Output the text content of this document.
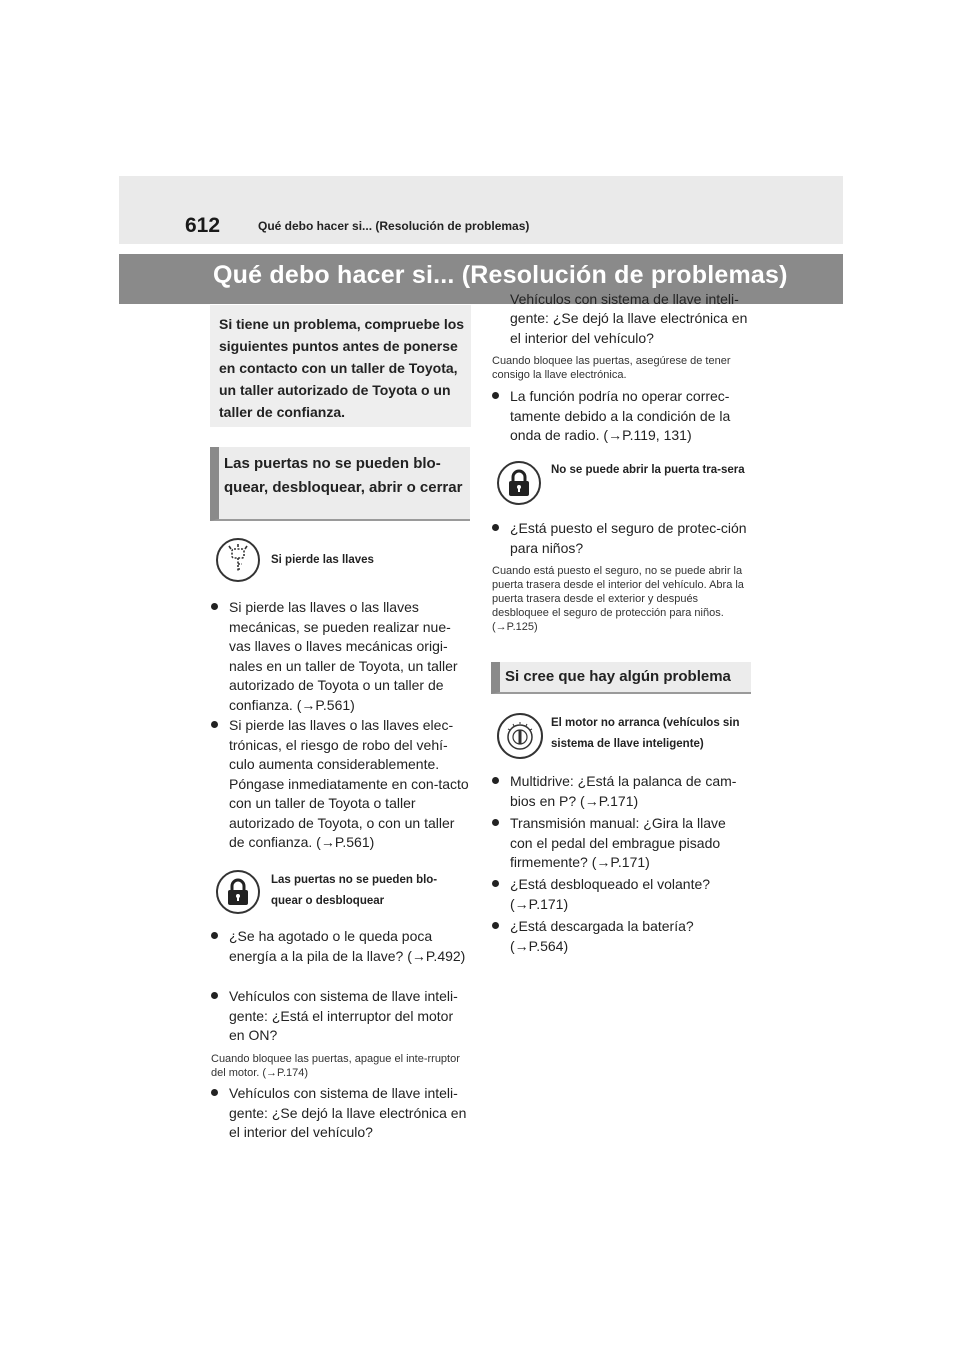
612	Qué debo hacer si... (Resolución de problemas)
Qué debo hacer si... (Resolución de problemas)
Si tiene un problema, compruebe los siguientes puntos antes de ponerse en contacto con un taller de Toyota, un taller autorizado de Toyota o un taller de confianza.
Las puertas no se pueden blo-quear, desbloquear, abrir o cerrar
Si pierde las llaves
Si pierde las llaves o las llaves mecánicas, se pueden realizar nue-vas llaves o llaves mecánicas origi-nales en un taller de Toyota, un taller autorizado de Toyota o un taller de confianza. (→P.561)
Si pierde las llaves o las llaves elec-trónicas, el riesgo de robo del vehí-culo aumenta considerablemente. Póngase inmediatamente en con-tacto con un taller de Toyota o taller autorizado de Toyota, o con un taller de confianza. (→P.561)
Las puertas no se pueden blo-quear o desbloquear
¿Se ha agotado o le queda poca energía a la pila de la llave? (→P.492)
Vehículos con sistema de llave inteli-gente: ¿Está el interruptor del motor en ON?
Cuando bloquee las puertas, apague el inte-rruptor del motor. (→P.174)
Vehículos con sistema de llave inteli-gente: ¿Se dejó la llave electrónica en el interior del vehículo?
Vehículos con sistema de llave inteli-gente: ¿Se dejó la llave electrónica en el interior del vehículo?
Cuando bloquee las puertas, asegúrese de tener consigo la llave electrónica.
La función podría no operar correc-tamente debido a la condición de la onda de radio. (→P.119, 131)
No se puede abrir la puerta tra-sera
¿Está puesto el seguro de protec-ción para niños?
Cuando está puesto el seguro, no se puede abrir la puerta trasera desde el interior del vehículo. Abra la puerta trasera desde el exterior y después desbloquee el seguro de protección para niños. (→P.125)
Si cree que hay algún problema
El motor no arranca (vehículos sin sistema de llave inteligente)
Multidrive: ¿Está la palanca de cam-bios en P? (→P.171)
Transmisión manual: ¿Gira la llave con el pedal del embrague pisado firmemente? (→P.171)
¿Está desbloqueado el volante? (→P.171)
¿Está descargada la batería? (→P.564)
